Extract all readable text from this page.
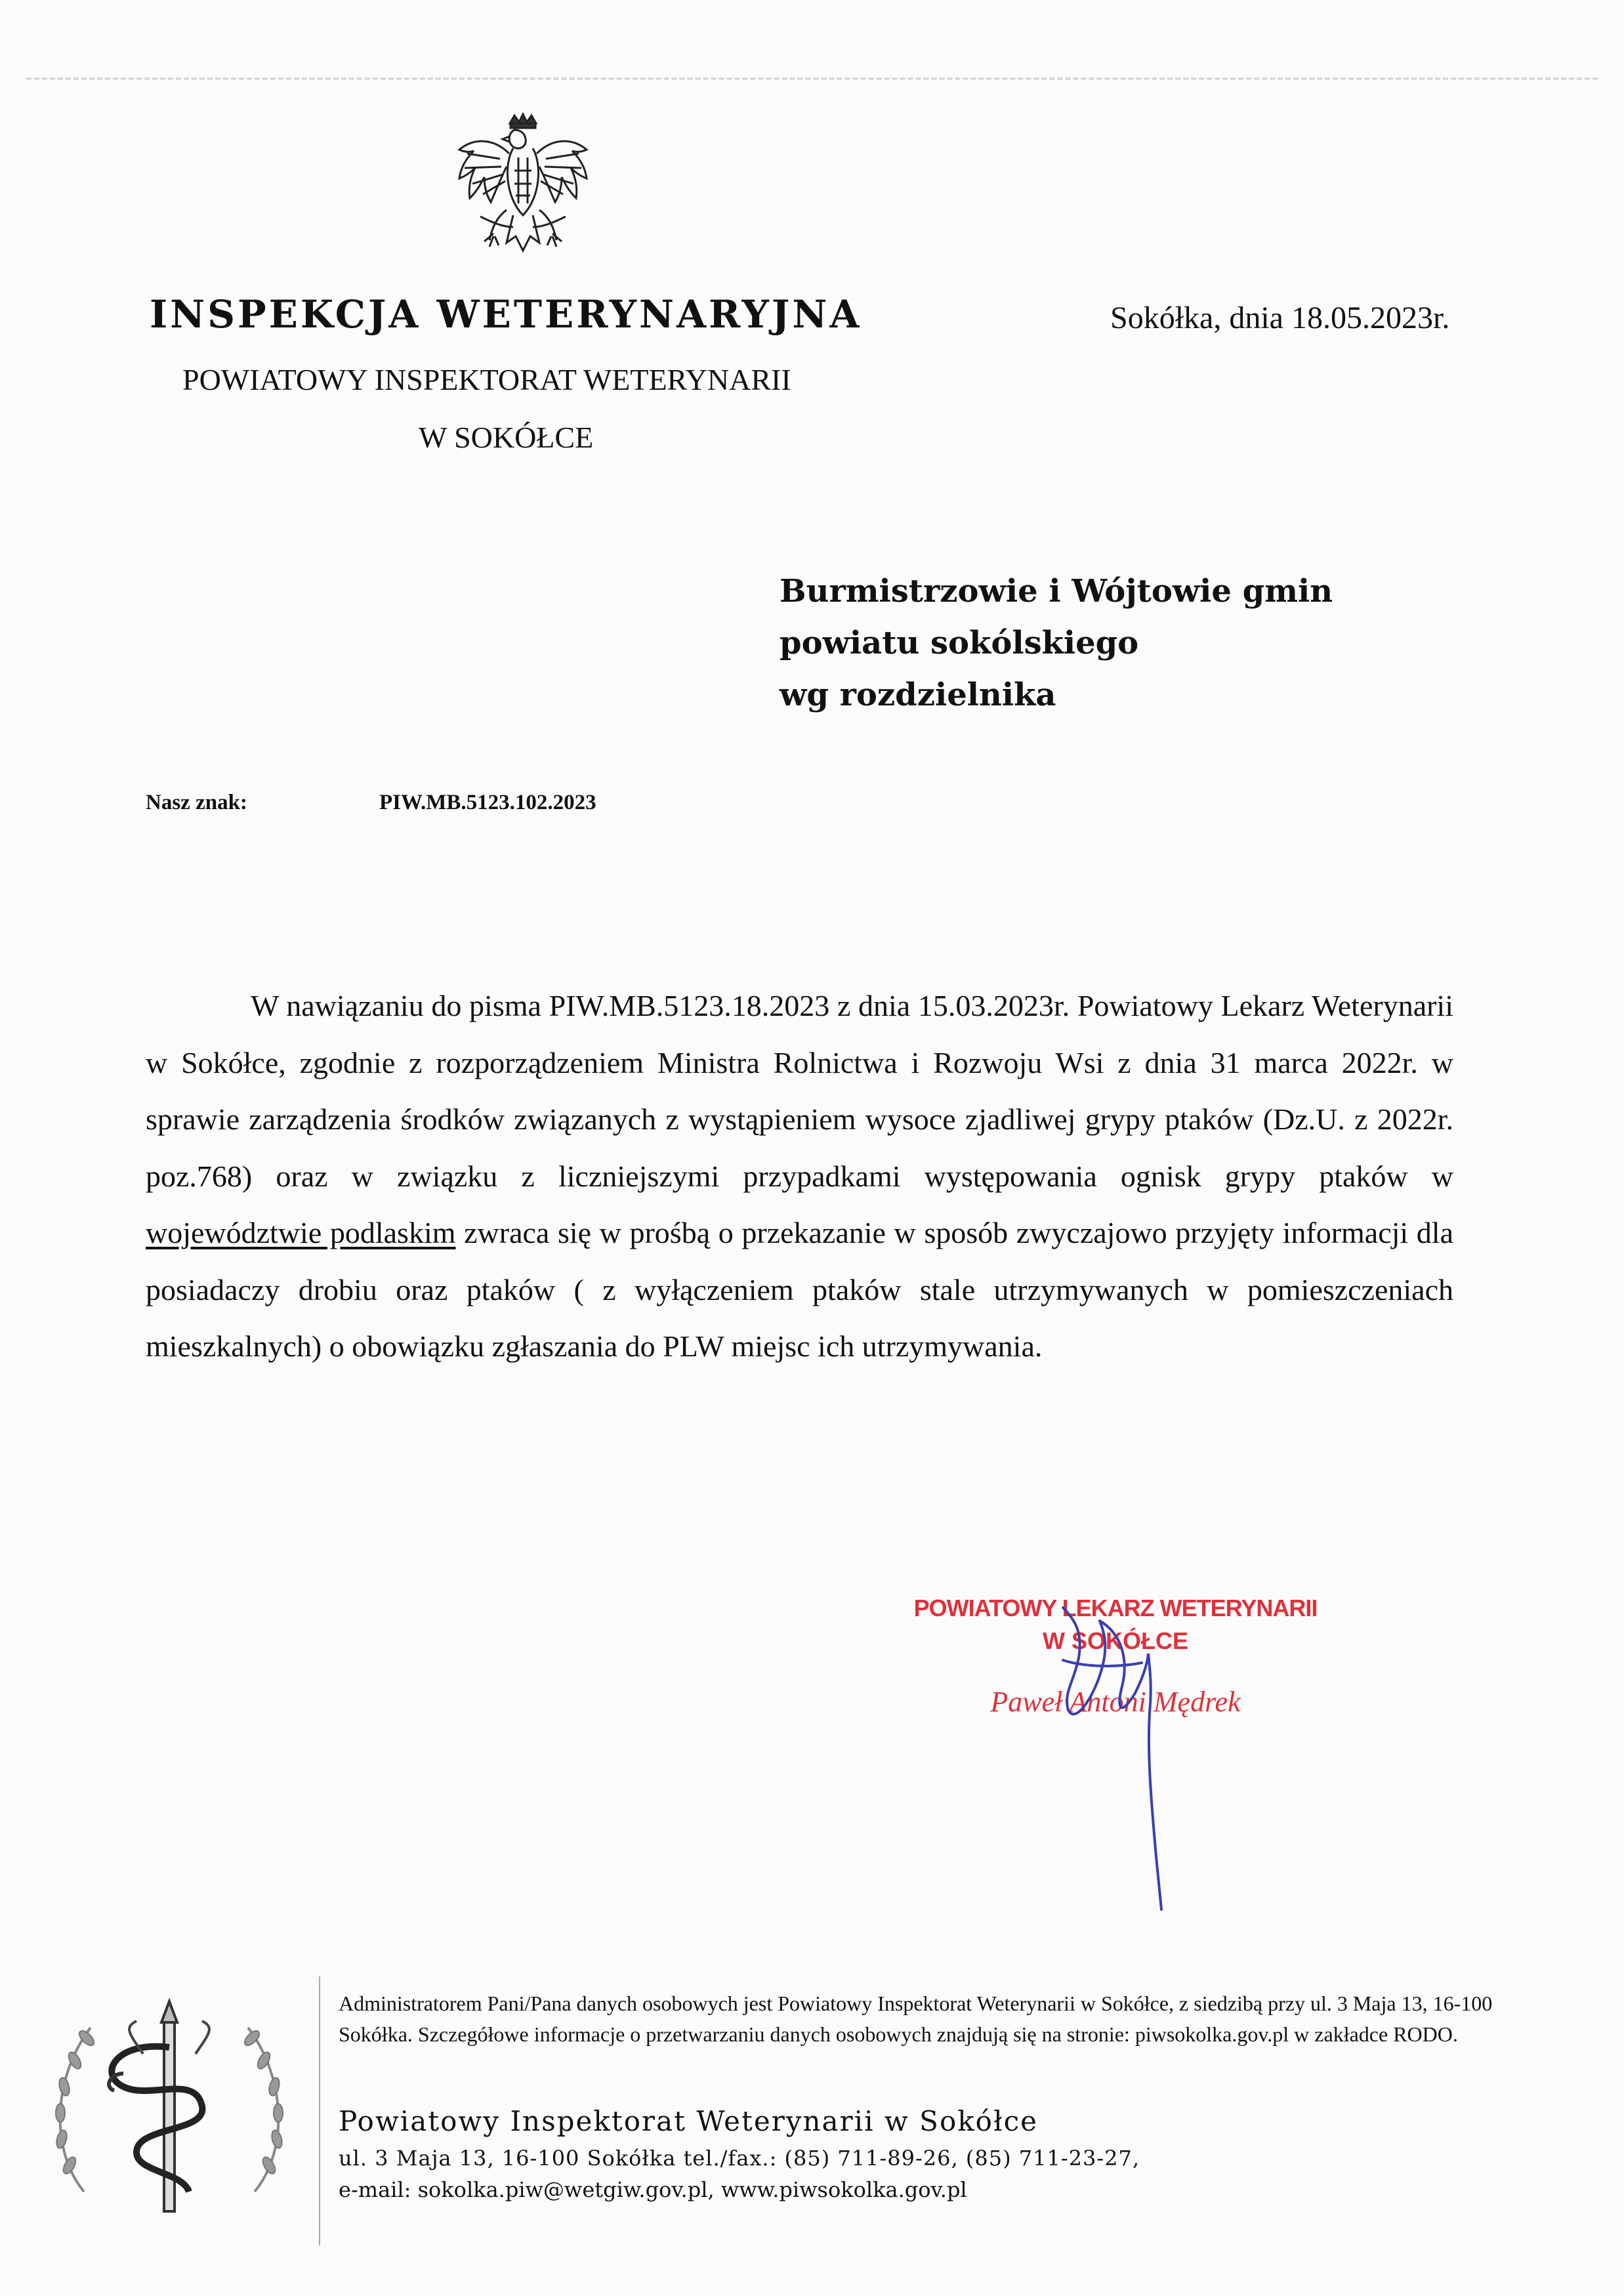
INSPEKCJA WETERYNARYJNA
POWIATOWY INSPEKTORAT WETERYNARII
W SOKÓŁCE
Sokółka, dnia 18.05.2023r.
Burmistrzowie i Wójtowie gmin
powiatu sokólskiego
wg rozdzielnika
Nasz znak:	PIW.MB.5123.102.2023

W nawiązaniu do pisma PIW.MB.5123.18.2023 z dnia 15.03.2023r. Powiatowy Lekarz Weterynarii w Sokółce, zgodnie z rozporządzeniem Ministra Rolnictwa i Rozwoju Wsi z dnia 31 marca 2022r. w sprawie zarządzenia środków związanych z wystąpieniem wysoce zjadliwej grypy ptaków (Dz.U. z 2022r. poz.768) oraz w związku z liczniejszymi przypadkami występowania ognisk grypy ptaków w województwie podlaskim zwraca się w prośbą o przekazanie w sposób zwyczajowo przyjęty informacji dla posiadaczy drobiu oraz ptaków ( z wyłączeniem ptaków stale utrzymywanych w pomieszczeniach mieszkalnych) o obowiązku zgłaszania do PLW miejsc ich utrzymywania.

POWIATOWY LEKARZ WETERYNARII
W SOKÓŁCE
Paweł Antoni Mędrek
Administratorem Pani/Pana danych osobowych jest Powiatowy Inspektorat Weterynarii w Sokółce, z siedzibą przy ul. 3 Maja 13, 16-100 Sokółka. Szczegółowe informacje o przetwarzaniu danych osobowych znajdują się na stronie: piwsokolka.gov.pl w zakładce RODO.
Powiatowy Inspektorat Weterynarii w Sokółce
ul. 3 Maja 13, 16-100 Sokółka tel./fax.: (85) 711-89-26, (85) 711-23-27,
e-mail: sokolka.piw@wetgiw.gov.pl, www.piwsokolka.gov.pl
